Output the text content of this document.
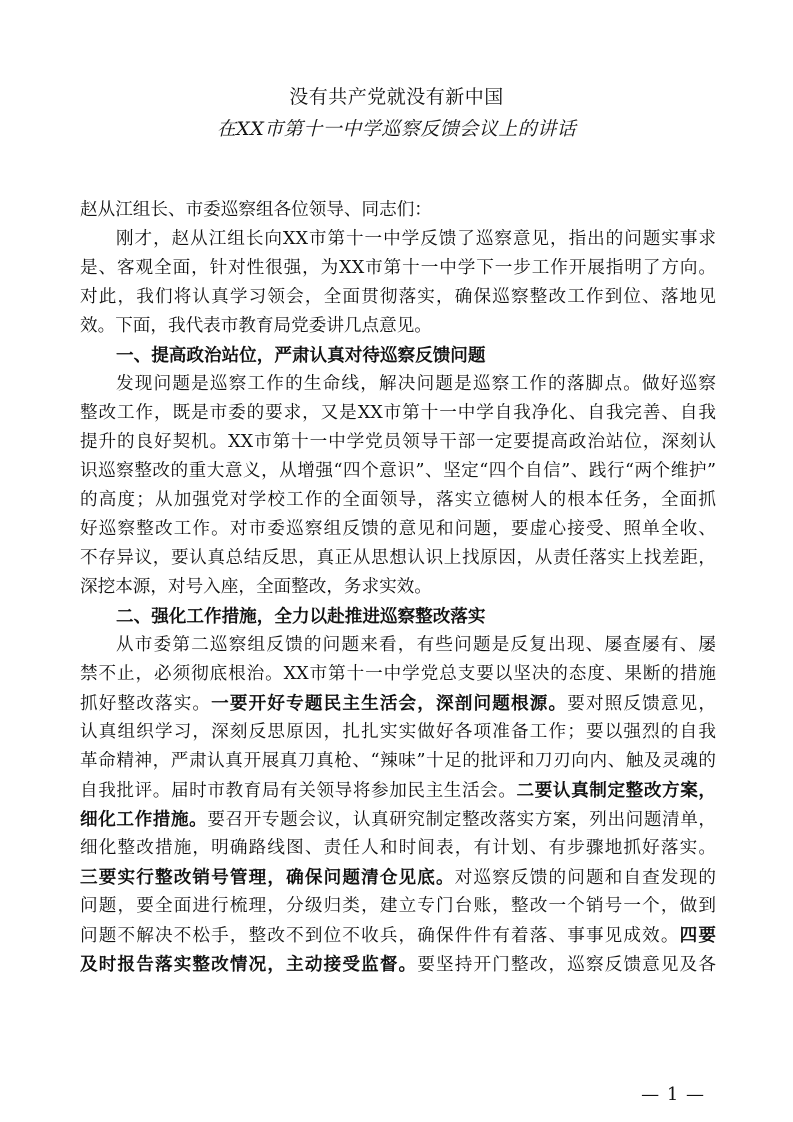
没有共产党就没有新中国
在XX市第十一中学巡察反馈会议上的讲话
赵从江组长、市委巡察组各位领导、同志们：
刚才，赵从江组长向XX市第十一中学反馈了巡察意见，指出的问题实事求
是、客观全面，针对性很强，为XX市第十一中学下一步工作开展指明了方向。
对此，我们将认真学习领会，全面贯彻落实，确保巡察整改工作到位、落地见
效。下面，我代表市教育局党委讲几点意见。
一、提高政治站位，严肃认真对待巡察反馈问题
发现问题是巡察工作的生命线，解决问题是巡察工作的落脚点。做好巡察
整改工作，既是市委的要求，又是XX市第十一中学自我净化、自我完善、自我
提升的良好契机。XX市第十一中学党员领导干部一定要提高政治站位，深刻认
识巡察整改的重大意义，从增强“四个意识”、坚定“四个自信”、践行“两个维护”
的高度；从加强党对学校工作的全面领导，落实立德树人的根本任务，全面抓
好巡察整改工作。对市委巡察组反馈的意见和问题，要虚心接受、照单全收、
不存异议，要认真总结反思，真正从思想认识上找原因，从责任落实上找差距，
深挖本源，对号入座，全面整改，务求实效。
二、强化工作措施，全力以赴推进巡察整改落实
从市委第二巡察组反馈的问题来看，有些问题是反复出现、屡查屡有、屡
禁不止，必须彻底根治。XX市第十一中学党总支要以坚决的态度、果断的措施
抓好整改落实。一要开好专题民主生活会，深剖问题根源。要对照反馈意见，
认真组织学习，深刻反思原因，扎扎实实做好各项准备工作；要以强烈的自我
革命精神，严肃认真开展真刀真枪、“辣味”十足的批评和刀刃向内、触及灵魂的
自我批评。届时市教育局有关领导将参加民主生活会。二要认真制定整改方案，
细化工作措施。要召开专题会议，认真研究制定整改落实方案，列出问题清单，
细化整改措施，明确路线图、责任人和时间表，有计划、有步骤地抓好落实。
三要实行整改销号管理，确保问题清仓见底。对巡察反馈的问题和自查发现的
问题，要全面进行梳理，分级归类，建立专门台账，整改一个销号一个，做到
问题不解决不松手，整改不到位不收兵，确保件件有着落、事事见成效。四要
及时报告落实整改情况，主动接受监督。要坚持开门整改，巡察反馈意见及各
— 1 —
